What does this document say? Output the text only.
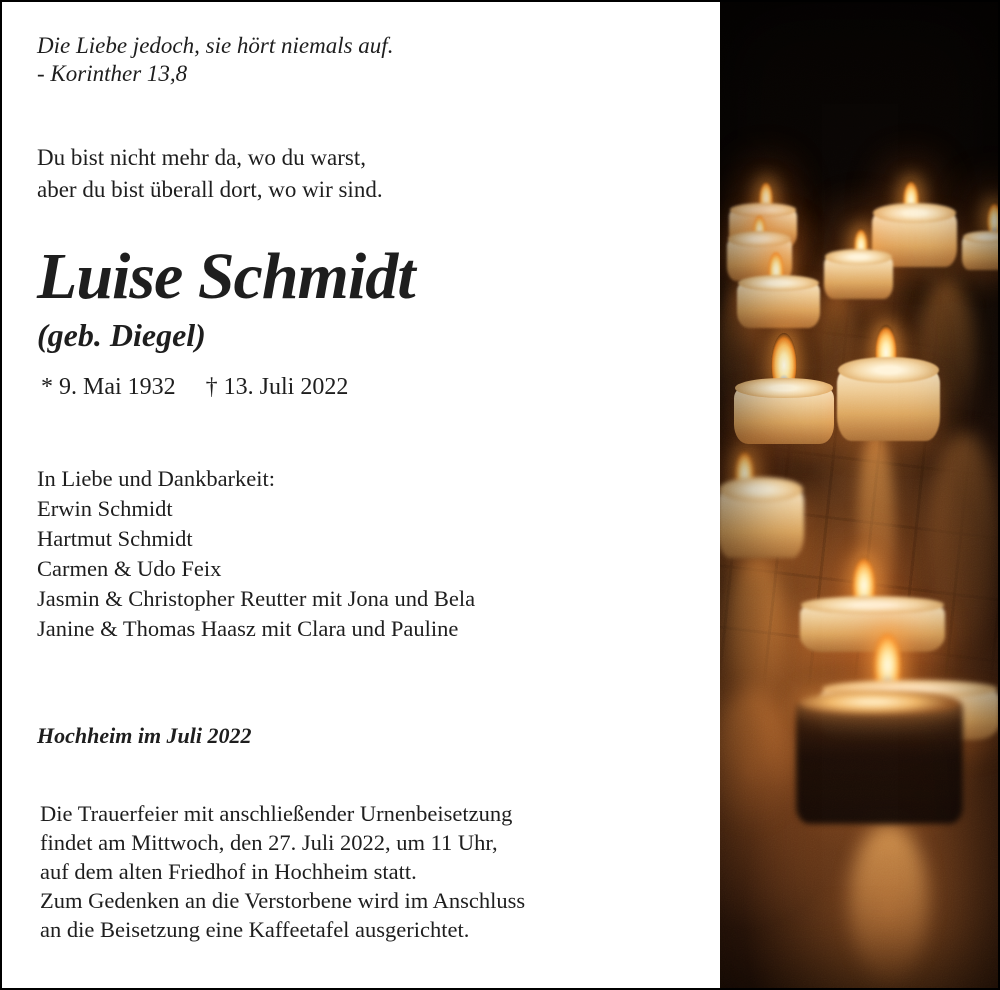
Die Liebe jedoch, sie hört niemals auf.
- Korinther 13,8
Du bist nicht mehr da, wo du warst,
aber du bist überall dort, wo wir sind.
Luise Schmidt
(geb. Diegel)
* 9. Mai 1932 † 13. Juli 2022
In Liebe und Dankbarkeit:
Erwin Schmidt
Hartmut Schmidt
Carmen & Udo Feix
Jasmin & Christopher Reutter mit Jona und Bela
Janine & Thomas Haasz mit Clara und Pauline
Hochheim im Juli 2022
Die Trauerfeier mit anschließender Urnenbeisetzung
findet am Mittwoch, den 27. Juli 2022, um 11 Uhr,
auf dem alten Friedhof in Hochheim statt.
Zum Gedenken an die Verstorbene wird im Anschluss
an die Beisetzung eine Kaffeetafel ausgerichtet.
